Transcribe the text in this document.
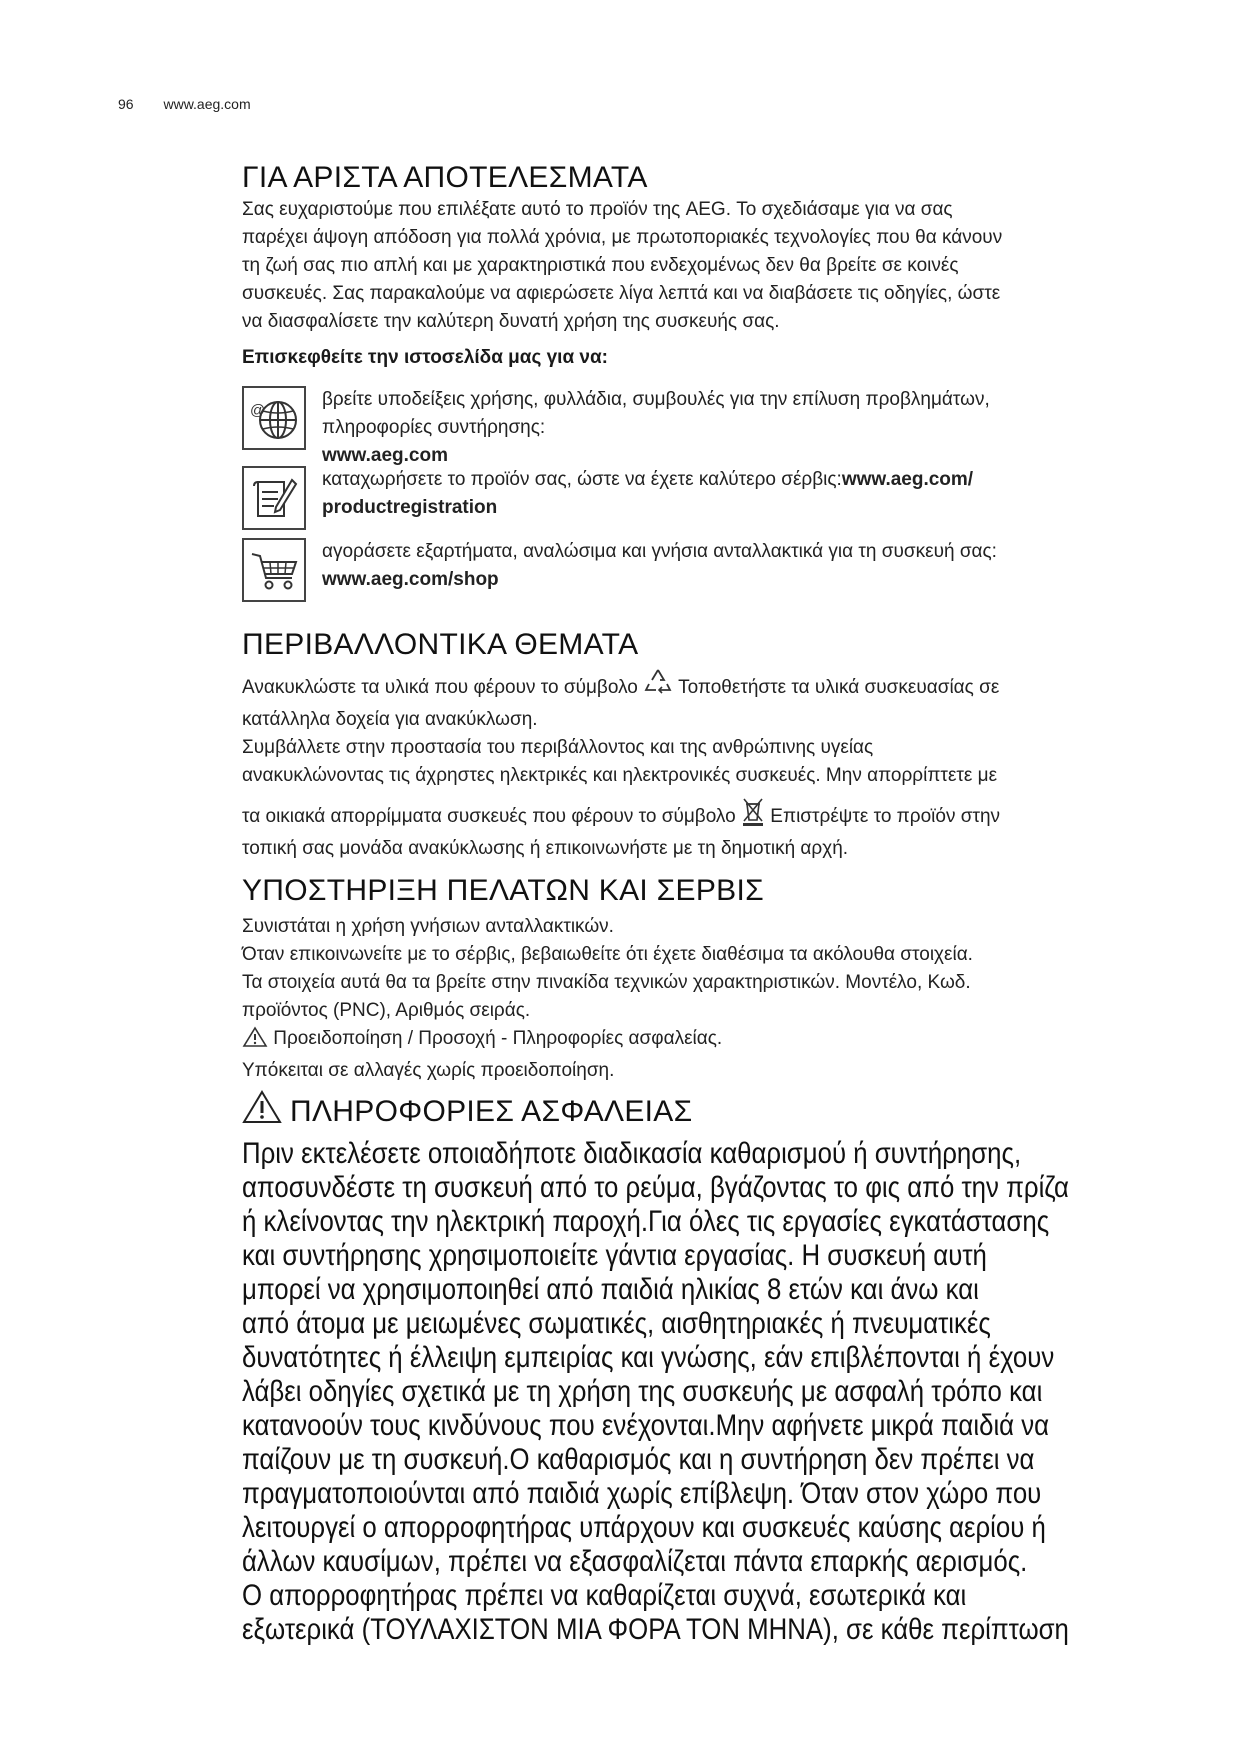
96 www.aeg.com
ΓΙΑ ΑΡΙΣΤΑ ΑΠΟΤΕΛΕΣΜΑΤΑ

Σας ευχαριστούμε που επιλέξατε αυτό το προϊόν της AEG. Το σχεδιάσαμε για να σας

παρέχει άψογη απόδοση για πολλά χρόνια, με πρωτοποριακές τεχνολογίες που θα κάνουν

τη ζωή σας πιο απλή και με χαρακτηριστικά που ενδεχομένως δεν θα βρείτε σε κοινές

συσκευές. Σας παρακαλούμε να αφιερώσετε λίγα λεπτά και να διαβάσετε τις οδηγίες, ώστε

να διασφαλίσετε την καλύτερη δυνατή χρήση της συσκευής σας.

Επισκεφθείτε την ιστοσελίδα μας για να:
@

βρείτε υποδείξεις χρήσης, φυλλάδια, συμβουλές για την επίλυση προβλημάτων,

πληροφορίες συντήρησης:

www.aeg.com

καταχωρήσετε το προϊόν σας, ώστε να έχετε καλύτερο σέρβις:www.aeg.com/

productregistration

αγοράσετε εξαρτήματα, αναλώσιμα και γνήσια ανταλλακτικά για τη συσκευή σας:

www.aeg.com/shop

ΠΕΡΙΒΑΛΛΟΝΤΙΚΑ ΘΕΜΑΤΑ

Ανακυκλώστε τα υλικά που φέρουν το σύμβολο Τοποθετήστε τα υλικά συσκευασίας σε

κατάλληλα δοχεία για ανακύκλωση.

Συμβάλλετε στην προστασία του περιβάλλοντος και της ανθρώπινης υγείας

ανακυκλώνοντας τις άχρηστες ηλεκτρικές και ηλεκτρονικές συσκευές. Μην απορρίπτετε με

τα οικιακά απορρίμματα συσκευές που φέρουν το σύμβολο Επιστρέψτε το προϊόν στην

τοπική σας μονάδα ανακύκλωσης ή επικοινωνήστε με τη δημοτική αρχή.

ΥΠΟΣΤΗΡΙΞΗ ΠΕΛΑΤΩΝ ΚΑΙ ΣΕΡΒΙΣ

Συνιστάται η χρήση γνήσιων ανταλλακτικών.

Όταν επικοινωνείτε με το σέρβις, βεβαιωθείτε ότι έχετε διαθέσιμα τα ακόλουθα στοιχεία.

Τα στοιχεία αυτά θα τα βρείτε στην πινακίδα τεχνικών χαρακτηριστικών. Μοντέλο, Κωδ.

προϊόντος (PNC), Αριθμός σειράς.

Προειδοποίηση / Προσοχή - Πληροφορίες ασφαλείας.

Υπόκειται σε αλλαγές χωρίς προειδοποίηση.

ΠΛΗΡΟΦΟΡΙΕΣ ΑΣΦΑΛΕΙΑΣ

Πριν εκτελέσετε οποιαδήποτε διαδικασία καθαρισμού ή συντήρησης,

αποσυνδέστε τη συσκευή από το ρεύμα, βγάζοντας το φις από την πρίζα

ή κλείνοντας την ηλεκτρική παροχή.Για όλες τις εργασίες εγκατάστασης

και συντήρησης χρησιμοποιείτε γάντια εργασίας. Η συσκευή αυτή

μπορεί να χρησιμοποιηθεί από παιδιά ηλικίας 8 ετών και άνω και

από άτομα με μειωμένες σωματικές, αισθητηριακές ή πνευματικές

δυνατότητες ή έλλειψη εμπειρίας και γνώσης, εάν επιβλέπονται ή έχουν

λάβει οδηγίες σχετικά με τη χρήση της συσκευής με ασφαλή τρόπο και

κατανοούν τους κινδύνους που ενέχονται.Μην αφήνετε μικρά παιδιά να

παίζουν με τη συσκευή.Ο καθαρισμός και η συντήρηση δεν πρέπει να

πραγματοποιούνται από παιδιά χωρίς επίβλεψη. Όταν στον χώρο που

λειτουργεί ο απορροφητήρας υπάρχουν και συσκευές καύσης αερίου ή

άλλων καυσίμων, πρέπει να εξασφαλίζεται πάντα επαρκής αερισμός.

Ο απορροφητήρας πρέπει να καθαρίζεται συχνά, εσωτερικά και

εξωτερικά (ΤΟΥΛΑΧΙΣΤΟΝ ΜΙΑ ΦΟΡΑ ΤΟΝ ΜΗΝΑ), σε κάθε περίπτωση
